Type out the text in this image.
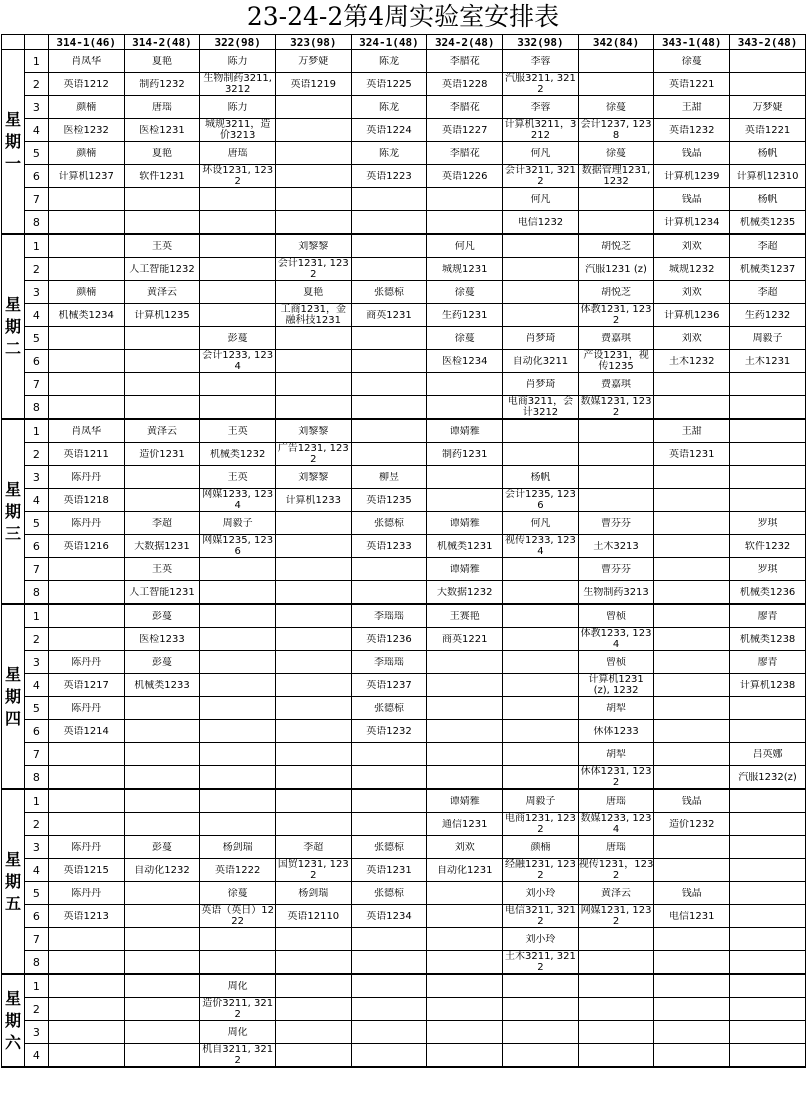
23-24-2第4周实验室安排表
		314-1(46)	314-2(48)	322(98)	323(98)	324-1(48)	324-2(48)	332(98)	342(84)	343-1(48)	343-2(48)
星期一	1	肖凤华	夏艳	陈力	万梦婕	陈龙	李腊花	李蓉		徐蔓	

	2	英语1212	制药1232	生物制药3211, 3212	英语1219	英语1225	英语1228	汽服3211, 3212		英语1221	

	3	颜楠	唐瑶	陈力		陈龙	李腊花	李蓉	徐蔓	王甜	万梦婕

	4	医检1232	医检1231	城规3211，造价3213		英语1224	英语1227	计算机3211，3212	会计1237, 1238	英语1232	英语1221

	5	颜楠	夏艳	唐瑶		陈龙	李腊花	何凡	徐蔓	钱晶	杨帆

	6	计算机1237	软件1231	环设1231, 1232		英语1223	英语1226	会计3211, 3212	数据管理1231, 1232	计算机1239	计算机12310

	7							何凡		钱晶	杨帆

	8							电信1232		计算机1234	机械类1235

星期二	1		王英		刘黎黎		何凡		胡悦芝	刘欢	李超

	2		人工智能1232		会计1231, 1232		城规1231		汽服1231 (z)	城规1232	机械类1237

	3	颜楠	黄泽云		夏艳	张德椋	徐蔓		胡悦芝	刘欢	李超

	4	机械类1234	计算机1235		工商1231，金融科技1231	商英1231	生药1231		体教1231, 1232	计算机1236	生药1232

	5			彭蔓			徐蔓	肖梦琦	费嘉琪	刘欢	周毅子

	6			会计1233, 1234			医检1234	自动化3211	产设1231，视传1235	土木1232	土木1231

	7							肖梦琦	费嘉琪		

	8							电商3211，会计3212	数媒1231, 1232		

星期三	1	肖凤华	黄泽云	王英	刘黎黎		谭婧雅			王甜	

	2	英语1211	造价1231	机械类1232	广告1231, 1232		制药1231			英语1231	

	3	陈丹丹		王英	刘黎黎	柳昱		杨帆			

	4	英语1218		网媒1233, 1234	计算机1233	英语1235		会计1235, 1236			

	5	陈丹丹	李超	周毅子		张德椋	谭婧雅	何凡	曹芬芬		罗琪

	6	英语1216	大数据1231	网媒1235, 1236		英语1233	机械类1231	视传1233, 1234	土木3213		软件1232

	7		王英				谭婧雅		曹芬芬		罗琪

	8		人工智能1231				大数据1232		生物制药3213		机械类1236

星期四	1		彭蔓			李瑶瑶	王赛艳		曾桢		廖青

	2		医检1233			英语1236	商英1221		体教1233, 1234		机械类1238

	3	陈丹丹	彭蔓			李瑶瑶			曾桢		廖青

	4	英语1217	机械类1233			英语1237			计算机1231 (z), 1232		计算机1238

	5	陈丹丹				张德椋			胡犁		

	6	英语1214				英语1232			休体1233		

	7								胡犁		吕英娜

	8								休体1231, 1232		汽服1232(z)

星期五	1						谭婧雅	周毅子	唐瑶	钱晶	

	2						通信1231	电商1231, 1232	数媒1233, 1234	造价1232	

	3	陈丹丹	彭蔓	杨剑瑞	李超	张德椋	刘欢	颜楠	唐瑶		

	4	英语1215	自动化1232	英语1222	国贸1231, 1232	英语1231	自动化1231	经融1231, 1232	视传1231，1232		

	5	陈丹丹		徐蔓	杨剑瑞	张德椋		刘小玲	黄泽云	钱晶	

	6	英语1213		英语（英日）1222	英语12110	英语1234		电信3211, 3212	网媒1231, 1232	电信1231	

	7							刘小玲			

	8							土木3211, 3212			

星期六	1			周化							

	2			造价3211, 3212							

	3			周化							

	4			机自3211, 3212							
